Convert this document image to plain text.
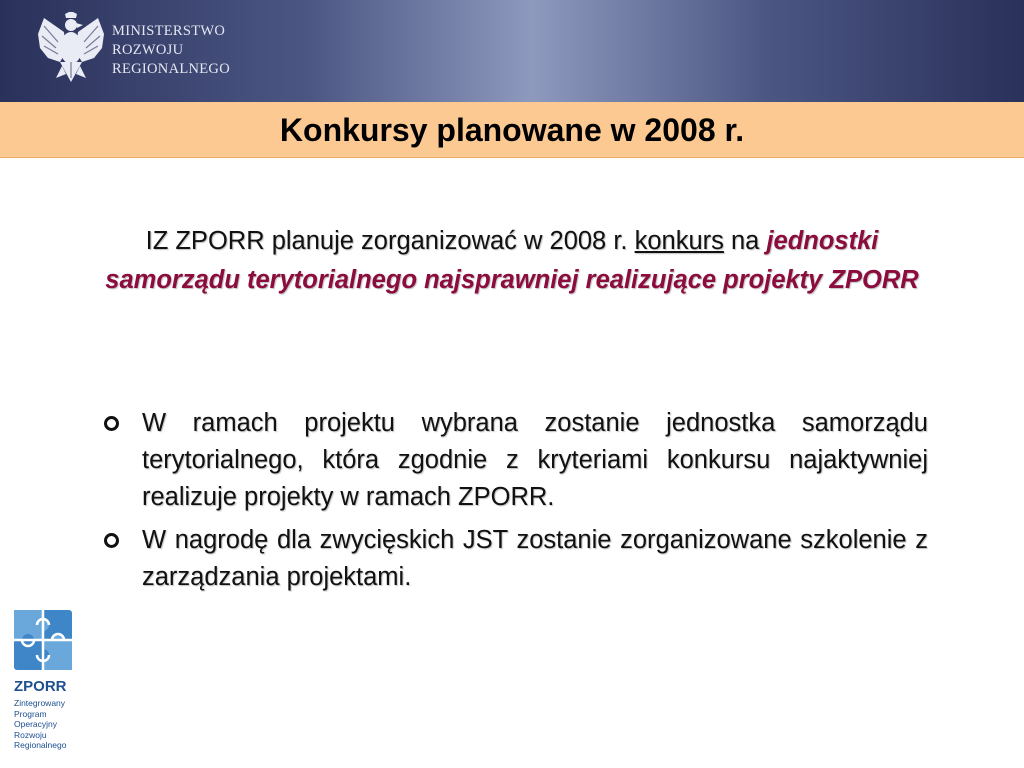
MINISTERSTWO
ROZWOJU
REGIONALNEGO
Konkursy planowane w 2008 r.
IZ ZPORR planuje zorganizować w 2008 r. konkurs na jednostki samorządu terytorialnego najsprawniej realizujące projekty ZPORR
W ramach projektu wybrana zostanie jednostka samorządu terytorialnego, która zgodnie z kryteriami konkursu najaktywniej realizuje projekty w ramach ZPORR.
W nagrodę dla zwycięskich JST zostanie zorganizowane szkolenie z zarządzania projektami.
ZPORR
Zintegrowany
Program
Operacyjny
Rozwoju
Regionalnego
